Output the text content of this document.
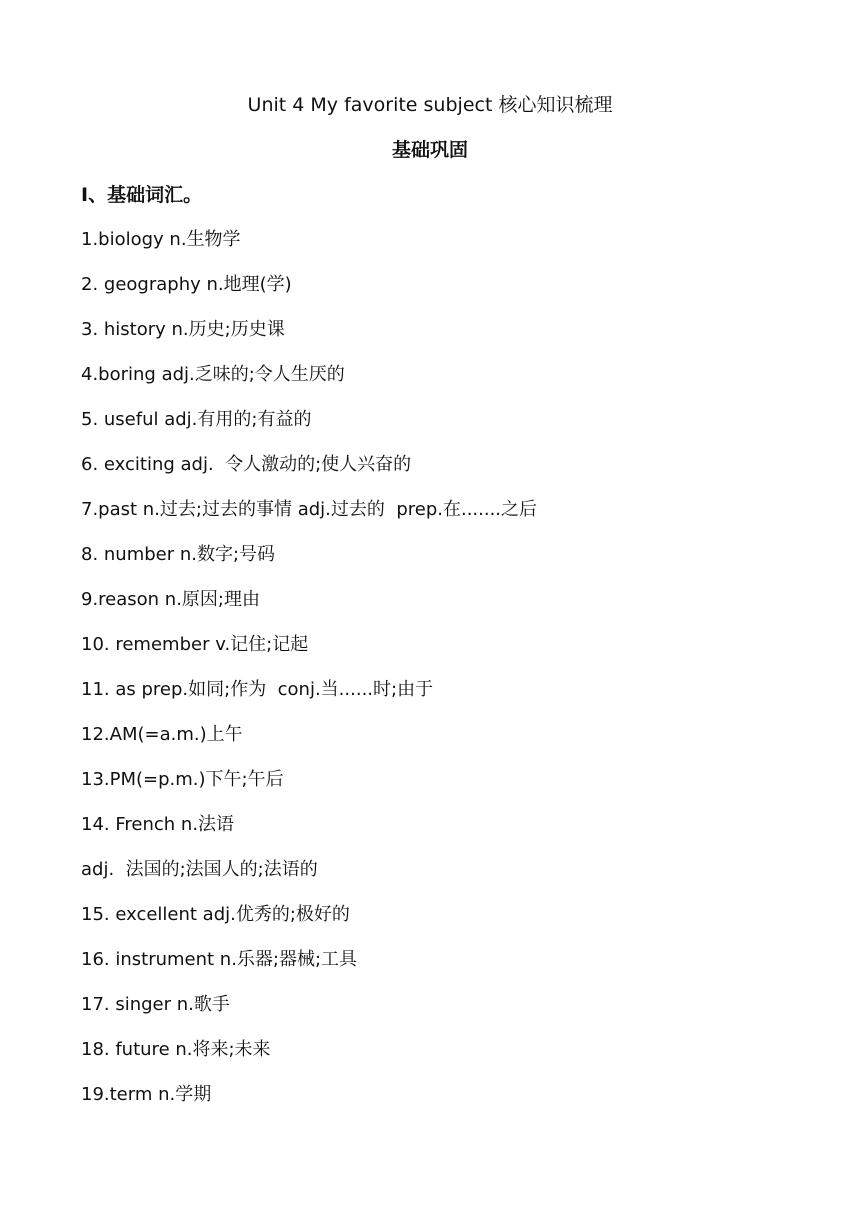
Unit 4 My favorite subject 核心知识梳理
基础巩固
I、基础词汇。
1.biology n.生物学
2. geography n.地理(学)
3. history n.历史;历史课
4.boring adj.乏味的;令人生厌的
5. useful adj.有用的;有益的
6. exciting adj.  令人激动的;使人兴奋的
7.past n.过去;过去的事情 adj.过去的  prep.在.......之后
8. number n.数字;号码
9.reason n.原因;理由
10. remember v.记住;记起
11. as prep.如同;作为  conj.当......时;由于
12.AM(=a.m.)上午
13.PM(=p.m.)下午;午后
14. French n.法语
adj.  法国的;法国人的;法语的
15. excellent adj.优秀的;极好的
16. instrument n.乐器;器械;工具
17. singer n.歌手
18. future n.将来;未来
19.term n.学期
